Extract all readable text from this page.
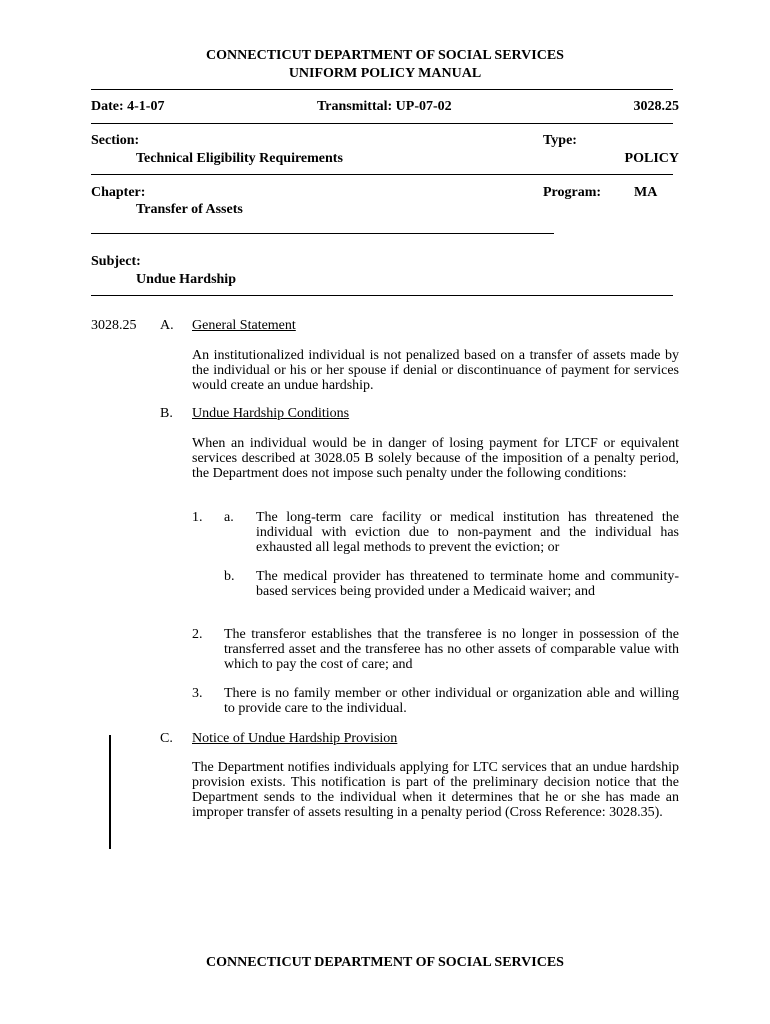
CONNECTICUT DEPARTMENT OF SOCIAL SERVICES
UNIFORM POLICY MANUAL
Date: 4-1-07	Transmittal: UP-07-02	3028.25
Section:
Technical Eligibility Requirements
Type:
POLICY
Chapter:
Transfer of Assets
Program: MA
Subject:
Undue Hardship
3028.25 A. General Statement

An institutionalized individual is not penalized based on a transfer of assets made by the individual or his or her spouse if denial or discontinuance of payment for services would create an undue hardship.

B. Undue Hardship Conditions

When an individual would be in danger of losing payment for LTCF or equivalent services described at 3028.05 B solely because of the imposition of a penalty period, the Department does not impose such penalty under the following conditions:

1. a. The long-term care facility or medical institution has threatened the individual with eviction due to non-payment and the individual has exhausted all legal methods to prevent the eviction; or

b. The medical provider has threatened to terminate home and community-based services being provided under a Medicaid waiver; and

2. The transferor establishes that the transferee is no longer in possession of the transferred asset and the transferee has no other assets of comparable value with which to pay the cost of care; and

3. There is no family member or other individual or organization able and willing to provide care to the individual.

C. Notice of Undue Hardship Provision

The Department notifies individuals applying for LTC services that an undue hardship provision exists. This notification is part of the preliminary decision notice that the Department sends to the individual when it determines that he or she has made an improper transfer of assets resulting in a penalty period (Cross Reference: 3028.35).

CONNECTICUT DEPARTMENT OF SOCIAL SERVICES
